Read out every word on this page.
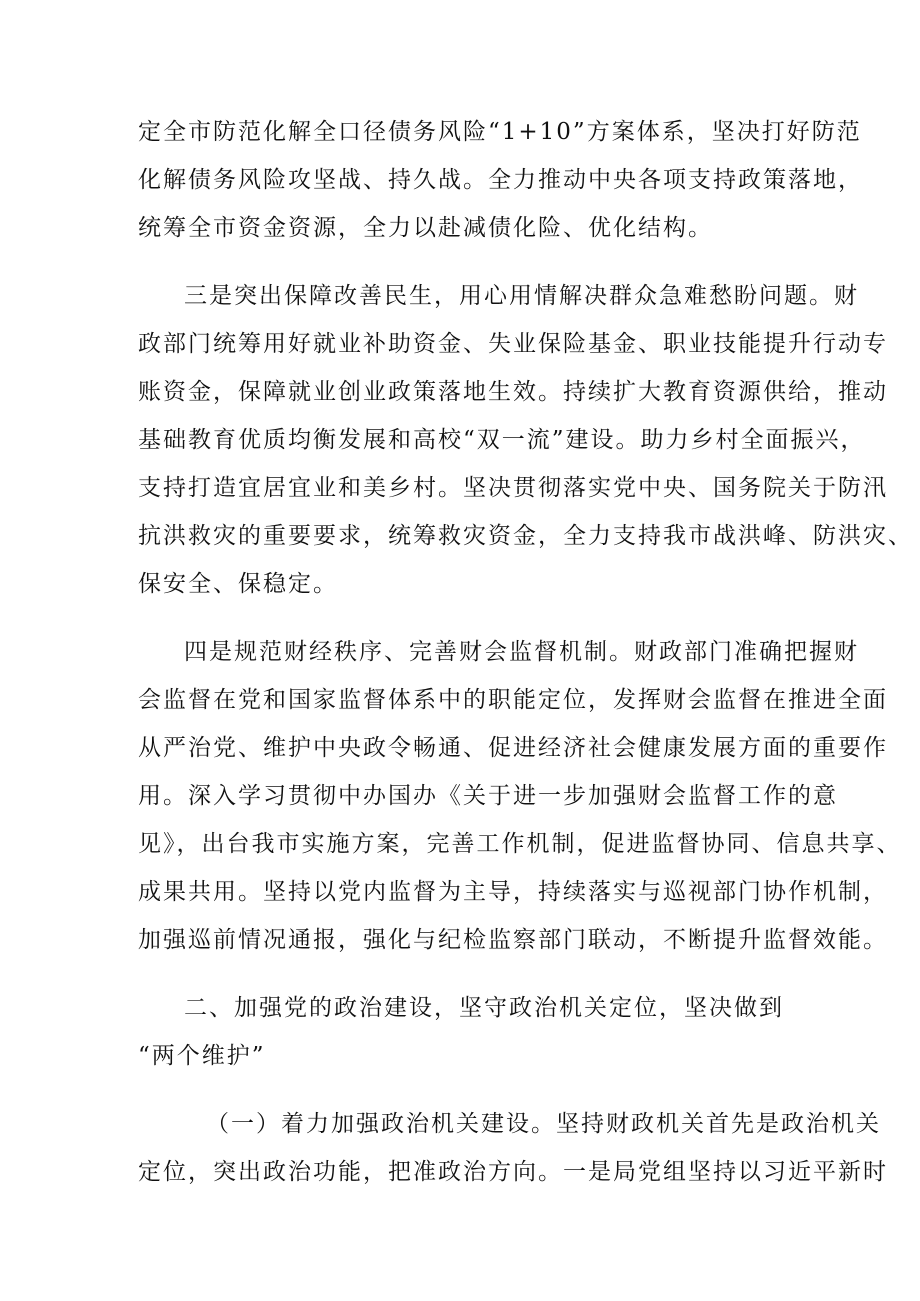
定全市防范化解全口径债务风险“1+10”方案体系，坚决打好防范
化解债务风险攻坚战、持久战。全力推动中央各项支持政策落地，
统筹全市资金资源，全力以赴减债化险、优化结构。
三是突出保障改善民生，用心用情解决群众急难愁盼问题。财
政部门统筹用好就业补助资金、失业保险基金、职业技能提升行动专
账资金，保障就业创业政策落地生效。持续扩大教育资源供给，推动
基础教育优质均衡发展和高校“双一流”建设。助力乡村全面振兴，
支持打造宜居宜业和美乡村。坚决贯彻落实党中央、国务院关于防汛
抗洪救灾的重要要求，统筹救灾资金，全力支持我市战洪峰、防洪灾、
保安全、保稳定。
四是规范财经秩序、完善财会监督机制。财政部门准确把握财
会监督在党和国家监督体系中的职能定位，发挥财会监督在推进全面
从严治党、维护中央政令畅通、促进经济社会健康发展方面的重要作
用。深入学习贯彻中办国办《关于进一步加强财会监督工作的意
见》，出台我市实施方案，完善工作机制，促进监督协同、信息共享、
成果共用。坚持以党内监督为主导，持续落实与巡视部门协作机制，
加强巡前情况通报，强化与纪检监察部门联动，不断提升监督效能。
二、加强党的政治建设，坚守政治机关定位，坚决做到
“两个维护”
（一）着力加强政治机关建设。坚持财政机关首先是政治机关
定位，突出政治功能，把准政治方向。一是局党组坚持以习近平新时
